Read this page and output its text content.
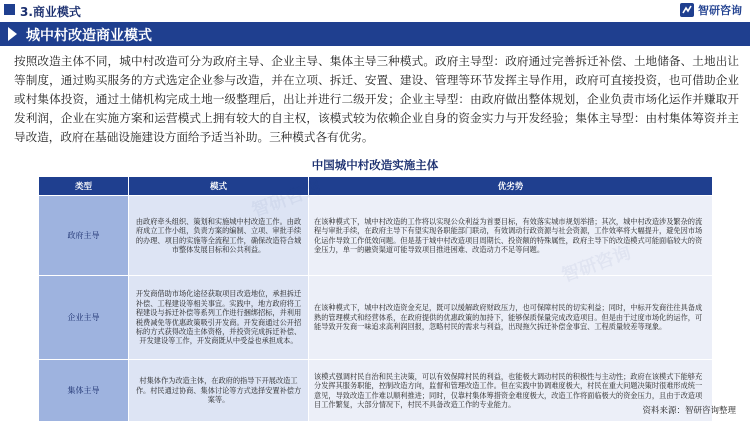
3.商业模式	智研咨询
城中村改造商业模式

按照改造主体不同，城中村改造可分为政府主导、企业主导、集体主导三种模式。政府主导型：政府通过完善拆迁补偿、土地储备、土地出让等制度，通过购买服务的方式选定企业参与改造，并在立项、拆迁、安置、建设、管理等环节发挥主导作用，政府可直接投资，也可借助企业或村集体投资，通过土储机构完成土地一级整理后，出让并进行二级开发；企业主导型：由政府做出整体规划，企业负责市场化运作并赚取开发利润，企业在实施方案和运营模式上拥有较大的自主权，该模式较为依赖企业自身的资金实力与开发经验；集体主导型：由村集体筹资并主导改造，政府在基础设施建设方面给予适当补助。三种模式各有优劣。

中国城中村改造实施主体
类型	模式	优劣势
政府主导	由政府牵头组织、策划和实施城中村改造工作。由政府成立工作小组，负责方案的编制、立项、审批手续的办理、项目的实施等全流程工作，确保改造符合城市整体发展目标和公共利益。	在该种模式下，城中村改造的工作将以实现公众利益为首要目标，有效落实城市规划举措；其次，城中村改造涉及繁杂的流程与审批手续，在政府主导下有望实现各职能部门联动，有效调动行政资源与社会资源，工作效率将大幅提升，避免因市场化运作导致工作低效问题。但是基于城中村改造项目周期长、投资额的特殊属性，政府主导下的改造模式可能面临较大的资金压力，单一的融资渠道可能导致项目推进困难、改造动力不足等问题。
企业主导	开发商借助市场化途径获取项目改造地位，承担拆迁补偿、工程建设等相关事宜。实践中，地方政府将工程建设与拆迁补偿等系列工作进行捆绑招标，并利用税费减免等优惠政策吸引开发商。开发商通过公开招标的方式获得改造主体资格，并投资完成拆迁补偿、开发建设等工作，开发商既从中受益也承担成本。	在该种模式下，城中村改造资金充足，既可以缓解政府财政压力，也可保障村民的切实利益；同时，中标开发商往往具备成熟的管理模式和经营体系，在政府提供的优惠政策的加持下，能够保质保量完成改造项目。但是由于过度市场化的运作，可能导致开发商一味追求高利润回报，忽略村民的需求与利益，出现拖欠拆迁补偿金事宜、工程质量较差等现象。
集体主导	村集体作为改造主体，在政府的指导下开展改造工作。村民通过协商、集体讨论等方式选择安置补偿方案等。	该模式强调村民自治和民主决策，可以有效保障村民的利益，也能极大调动村民的积极性与主动性；政府在该模式下能够充分发挥其服务职能，控制改造方向，监督和管理改造工作。但在实践中协调难度极大，村民在重大问题决策时很难形成统一意见，导致改造工作难以顺利推进；同时，仅靠村集体筹措资金难度极大，改造工作将面临极大的资金压力，且由于改造项目工作繁复，大部分情况下，村民不具备改造工作的专业能力。
资料来源：智研咨询整理
